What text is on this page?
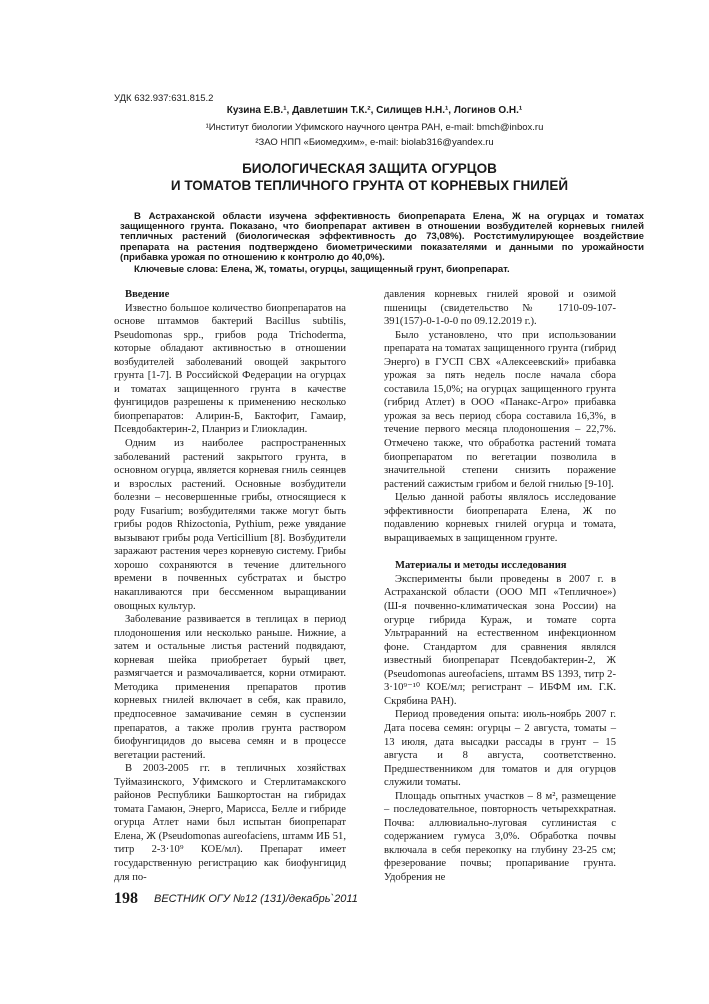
УДК 632.937:631.815.2
Кузина Е.В.¹, Давлетшин Т.К.², Силищев Н.Н.¹, Логинов О.Н.¹
¹Институт биологии Уфимского научного центра РАН, e-mail: bmch@inbox.ru
²ЗАО НПП «Биомедхим», e-mail: biolab316@yandex.ru
БИОЛОГИЧЕСКАЯ ЗАЩИТА ОГУРЦОВ
И ТОМАТОВ ТЕПЛИЧНОГО ГРУНТА ОТ КОРНЕВЫХ ГНИЛЕЙ

В Астраханской области изучена эффективность биопрепарата Елена, Ж на огурцах и томатах защищенного грунта. Показано, что биопрепарат активен в отношении возбудителей корневых гнилей тепличных растений (биологическая эффективность до 73,08%). Ростстимулирующее воздействие препарата на растения подтверждено биометрическими показателями и данными по урожайности (прибавка урожая по отношению к контролю до 40,0%).

Ключевые слова: Елена, Ж, томаты, огурцы, защищенный грунт, биопрепарат.

Введение

Известно большое количество биопрепаратов на основе штаммов бактерий Bacillus subtilis, Pseudomonas spp., грибов рода Trichoderma, которые обладают активностью в отношении возбудителей заболеваний овощей закрытого грунта [1-7]. В Российской Федерации на огурцах и томатах защищенного грунта в качестве фунгицидов разрешены к применению несколько биопрепаратов: Алирин-Б, Бактофит, Гамаир, Псевдобактерин-2, Планриз и Глиокладин.

Одним из наиболее распространенных заболеваний растений закрытого грунта, в основном огурца, является корневая гниль сеянцев и взрослых растений. Основные возбудители болезни – несовершенные грибы, относящиеся к роду Fusarium; возбудителями также могут быть грибы родов Rhizoctonia, Pythium, реже увядание вызывают грибы рода Verticillium [8]. Возбудители заражают растения через корневую систему. Грибы хорошо сохраняются в течение длительного времени в почвенных субстратах и быстро накапливаются при бессменном выращивании овощных культур.

Заболевание развивается в теплицах в период плодоношения или несколько раньше. Нижние, а затем и остальные листья растений подвядают, корневая шейка приобретает бурый цвет, размягчается и размочаливается, корни отмирают. Методика применения препаратов против корневых гнилей включает в себя, как правило, предпосевное замачивание семян в суспензии препаратов, а также пролив грунта раствором биофунгицидов до высева семян и в процессе вегетации растений.

В 2003-2005 гг. в тепличных хозяйствах Туймазинского, Уфимского и Стерлитамакского районов Республики Башкортостан на гибридах томата Гамаюн, Энерго, Марисса, Белле и гибриде огурца Атлет нами был испытан биопрепарат Елена, Ж (Pseudomonas aureofaciens, штамм ИБ 51, титр 2-3·10⁹ КОЕ/мл). Препарат имеет государственную регистрацию как биофунгицид для по-

давления корневых гнилей яровой и озимой пшеницы (свидетельство № 1710-09-107-391(157)-0-1-0-0 по 09.12.2019 г.).

Было установлено, что при использовании препарата на томатах защищенного грунта (гибрид Энерго) в ГУСП СВХ «Алексеевский» прибавка урожая за пять недель после начала сбора составила 15,0%; на огурцах защищенного грунта (гибрид Атлет) в ООО «Панакс-Агро» прибавка урожая за весь период сбора составила 16,3%, в течение первого месяца плодоношения – 22,7%. Отмечено также, что обработка растений томата биопрепаратом по вегетации позволила в значительной степени снизить поражение растений сажистым грибом и белой гнилью [9-10].

Целью данной работы являлось исследование эффективности биопрепарата Елена, Ж по подавлению корневых гнилей огурца и томата, выращиваемых в защищенном грунте.

Материалы и методы исследования

Эксперименты были проведены в 2007 г. в Астраханской области (ООО МП «Тепличное») (Ш-я почвенно-климатическая зона России) на огурце гибрида Кураж, и томате сорта Ультраранний на естественном инфекционном фоне. Стандартом для сравнения являлся известный биопрепарат Псевдобактерин-2, Ж (Pseudomonas aureofaciens, штамм BS 1393, титр 2-3·10⁹⁻¹⁰ КОЕ/мл; регистрант – ИБФМ им. Г.К. Скрябина РАН).

Период проведения опыта: июль-ноябрь 2007 г. Дата посева семян: огурцы – 2 августа, томаты – 13 июля, дата высадки рассады в грунт – 15 августа и 8 августа, соответственно. Предшественником для томатов и для огурцов служили томаты.

Площадь опытных участков – 8 м², размещение – последовательное, повторность четырехкратная. Почва: аллювиально-луговая суглинистая с содержанием гумуса 3,0%. Обработка почвы включала в себя перекопку на глубину 23-25 см; фрезерование почвы; пропаривание грунта. Удобрения не

198 ВЕСТНИК ОГУ №12 (131)/декабрь`2011
